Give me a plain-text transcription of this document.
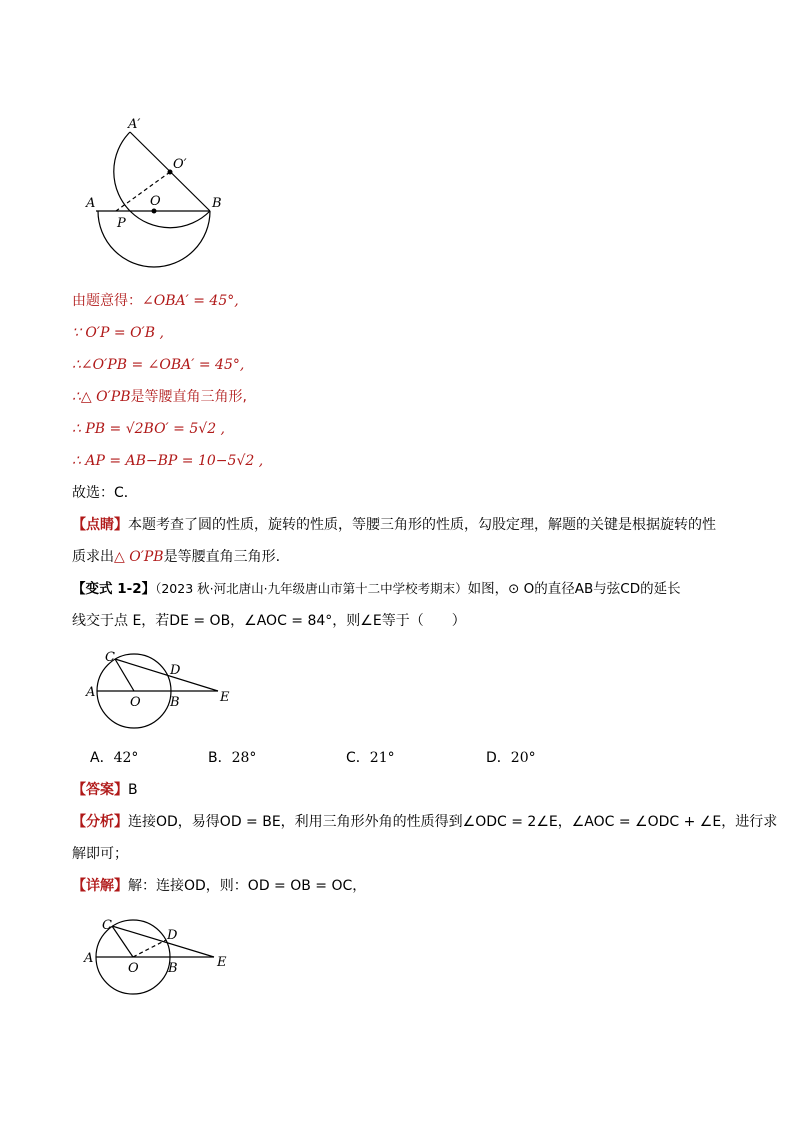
A′
O′
A	O	B
P
由题意得：∠OBA′ = 45°,
∵ O′P = O′B ,
∴∠O′PB = ∠OBA′ = 45°,
∴△ O′PB是等腰直角三角形,
∴ PB = √2BO′ = 5√2 ,
∴ AP = AB−BP = 10−5√2 ,
故选：C．
【点睛】本题考查了圆的性质，旋转的性质，等腰三角形的性质，勾股定理，解题的关键是根据旋转的性
质求出△ O′PB是等腰直角三角形.
【变式 1-2】（2023 秋·河北唐山·九年级唐山市第十二中学校考期末）如图，⊙ O的直径AB与弦CD的延长
线交于点 E，若DE = OB，∠AOC = 84°，则∠E等于（　　）
C
D
A
O B	E
A．42°	B．28°	C．21°	D．20°
【答案】B
【分析】连接OD，易得OD = BE，利用三角形外角的性质得到∠ODC = 2∠E，∠AOC = ∠ODC + ∠E，进行求
解即可；
【详解】解：连接OD，则：OD = OB = OC，
C
D
A
O B	E
